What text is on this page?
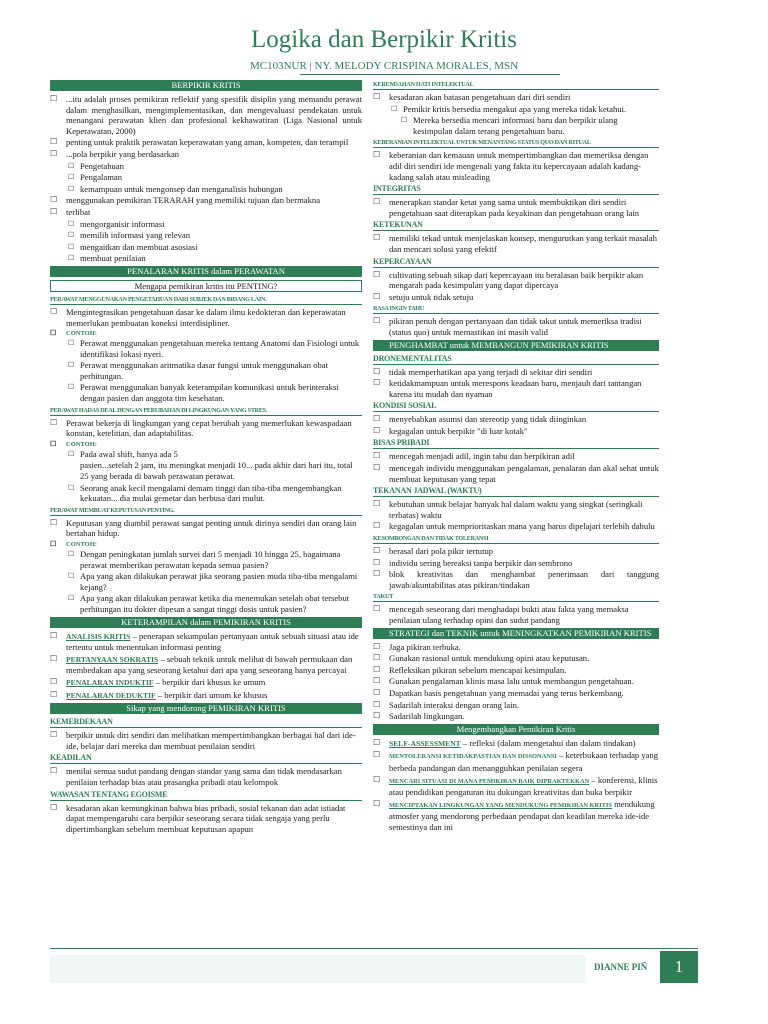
Logika dan Berpikir Kritis
MC103NUR | NY. MELODY CRISPINA MORALES, MSN
BERPIKIR KRITIS
☐ ...itu adalah proses pemikiran reflektif yang spesifik disiplin yang memandu perawat dalam menghasilkan, mengimplementasikan, dan mengevaluasi pendekatan untuk menangani perawatan klien dan profesional kekhawatiran (Liga Nasional untuk Keperawatan, 2000)
☐ penting untuk praktik perawatan keperawatan yang aman, kompeten, dan terampil
☐ ...pola berpikir yang berdasarkan
☐ Pengetahuan
☐ Pengalaman
☐ kemampuan untuk mengonsep dan menganalisis hubungan
☐ menggunakan pemikiran TERARAH yang memiliki tujuan dan bermakna
☐ terlibat
☐ mengorganisir informasi
☐ memilih informasi yang relevan
☐ mengaitkan dan membuat asosiasi
☐ membuat penilaian
PENALARAN KRITIS dalam PERAWATAN
Mengapa pemikiran kritis itu PENTING?
PERAWAT MENGGUNAKAN PENGETAHUAN DARI SUBJEK DAN BIDANG LAIN.
☐ Mengintegrasikan pengetahuan dasar ke dalam ilmu kedokteran dan keperawatan memerlukan pembuatan koneksi interdisipliner.
☐ CONTOH:
☐ Perawat menggunakan pengetahuan mereka tentang Anatomi dan Fisiologi untuk identifikasi lokasi nyeri.
☐ Perawat menggunakan aritmatika dasar fungsi untuk menggunakan obat perhitungan.
☐ Perawat menggunakan banyak keterampilan komunikasi untuk berinteraksi dengan pasien dan anggota tim kesehatan.
PERAWAT HADAS DEAL DENGAN PERUBAHAN DI LINGKUNGAN YANG STRES.
☐ Perawat bekerja di lingkungan yang cepat berubah yang memerlukan kewaspadaan konstan, ketelitian, dan adaptabilitas.
☐ CONTOH:
☐ Pada awal shift, hanya ada 5
pasien...setelah 2 jam, itu meningkat menjadi 10... pada akhir dari hari itu, total 25 yang berada di bawah perawatan perawat.
☐ Seorang anak kecil mengalami demam tinggi dan tiba-tiba mengembangkan kekuatan... dia mulai gemetar dan berbusa dari mulut.
PERAWAT MEMBUAT KEPUTUSAN PENTING.
☐ Keputusan yang diambil perawat sangat penting untuk dirinya sendiri dan orang lain bertahan hidup.
☐ CONTOH:
☐ Dengan peningkatan jumlah survei dari 5 menjadi 10 hingga 25, bagaimana perawat memberikan perawatan kepada semua pasien?
☐ Apa yang akan dilakukan perawat jika seorang pasien muda tiba-tiba mengalami kejang?
☐ Apa yang akan dilakukan perawat ketika dia menemukan setelah obat tersebut perhitungan itu dokter dipesan a sangat tinggi dosis untuk pasien?
KETERAMPILAN dalam PEMIKIRAN KRITIS
☐ ANALISIS KRITIS – penerapan sekumpulan pertanyaan untuk sebuah situasi atau ide tertentu untuk menentukan informasi penting
☐ PERTANYAAN SOKRATIS – sebuah teknik untuk melihat di bawah permukaan dan membedakan apa yang seseorang ketahui dari apa yang seseorang hanya percayai
☐ PENALARAN INDUKTIF – berpikir dari khusus ke umum
☐ PENALARAN DEDUKTIF – berpikir dari umum ke khusus
Sikap yang mendorong PEMIKIRAN KRITIS
KEMERDEKAAN
☐ berpikir untuk diri sendiri dan melibatkan mempertimbangkan berbagai hal dari ide-ide, belajar dari mereka dan membuat penilaian sendiri
KEADILAN
☐ menilai semua sudut pandang dengan standar yang sama dan tidak mendasarkan penilaian terhadap bias atau prasangka pribadi atau kelompok
WAWASAN TENTANG EGOISME
☐ kesadaran akan kemungkinan bahwa bias pribadi, sosial tekanan dan adat istiadat dapat mempengaruhi cara berpikir seseorang secara tidak sengaja yang perlu dipertimbangkan sebelum membuat keputusan apapun
KERENDAHAN HATI INTELEKTUAL
☐ kesadaran akan batasan pengetahuan dari diri sendiri
☐ Pemikir kritis bersedia mengakui apa yang mereka tidak ketahui.
☐ Mereka bersedia mencari informasi baru dan berpikir ulang kesimpulan dalam terang pengetahuan baru.
KEBERANIAN INTELEKTUAL UNTUK MENANTANG STATUS QUO DAN RITUAL
☐ keberanian dan kemauan untuk mempertimbangkan dan memeriksa dengan adil diri sendiri ide mengenali yang fakta itu kepercayaan adalah kadang-kadang salah atau misleading
INTEGRITAS
☐ menerapkan standar ketat yang sama untuk membuktikan diri sendiri pengetahuan saat diterapkan pada keyakinan dan pengetahuan orang lain
KETEKUNAN
☐ memiliki tekad untuk menjelaskan konsep, mengurutkan yang terkait masalah dan mencari solusi yang efektif
KEPERCAYAAN
☐ cultivating sebuah sikap dari kepercayaan itu beralasan baik berpikir akan mengarah pada kesimpulan yang dapat dipercaya
☐ setuju untuk tidak setuju
RASA INGIN TAHU
☐ pikiran penuh dengan pertanyaan dan tidak takut untuk memeriksa tradisi (status quo) untuk memastikan ini masih valid
PENGHAMBAT untuk MEMBANGUN PEMIKIRAN KRITIS
DRONEMENTALITAS
☐ tidak memperhatikan apa yang terjadi di sekitar diri sendiri
☐ ketidakmampuan untuk merespons keadaan baru, menjauh dari tantangan karena itu mudah dan nyaman
KONDISI SOSIAL
☐ menyebabkan asumsi dan stereotip yang tidak diinginkan
☐ kegagalan untuk berpikir "di luar kotak"
BISAS PRIBADI
☐ mencegah menjadi adil, ingin tahu dan berpikiran adil
☐ mencegah individu menggunakan pengalaman, penalaran dan akal sehat untuk membuat keputusan yang tepat
TEKANAN JADWAL (WAKTU)
☐ kebutuhan untuk belajar banyak hal dalam waktu yang singkat (seringkali terbatas) waktu
☐ kegagalan untuk memprioritaskan mana yang harus dipelajari terlebih dahulu
KESOMBONGAN DAN TIDAK TOLERANSI
☐ berasal dari pola pikir tertutup
☐ individu sering bereaksi tanpa berpikir dan sembrono
☐ blok kreativitas dan menghambat penerimaan dari tanggung jawab/akuntabilitas atas pikiran/tindakan
TAKUT
☐ mencegah seseorang dari menghadapi bukti atau fakta yang memaksa penilaian ulang terhadap opini dan sudut pandang
STRATEGI dan TEKNIK untuk MENINGKATKAN PEMIKIRAN KRITIS
☐ Jaga pikiran terbuka.
☐ Gunakan rasional untuk mendukung opini atau keputusan.
☐ Refleksikan pikiran sebelum mencapai kesimpulan.
☐ Gunakan pengalaman klinis masa lalu untuk membangun pengetahuan.
☐ Dapatkan basis pengetahuan yang memadai yang terus berkembang.
☐ Sadarilah interaksi dengan orang lain.
☐ Sadarilah lingkungan.
Mengembangkan Pemikiran Kritis
☐ SELF-ASSESSMENT – refleksi (dalam mengetahui dan dalam tindakan)
☐ MENTOLERANSI KETIDAKPASTIAN DAN DISSONANSI – keterbukaan terhadap yang berbeda pandangan dan menangguhkan penilaian segera
☐ MENCARI SITUASI DI MANA PEMIKIRAN BAIK DIPRAKTEKKAN – konferensi, klinis atau pendidikan pengaturan itu dukungan kreativitas dan buka berpikir
☐ MENCIPTAKAN LINGKUNGAN YANG MENDUKUNG PEMIKIRAN KRITIS mendukung atmosfer yang mendorong perbedaan pendapat dan keadilan mereka ide-ide semestinya dan ini
DIANNE PIÑ	1
